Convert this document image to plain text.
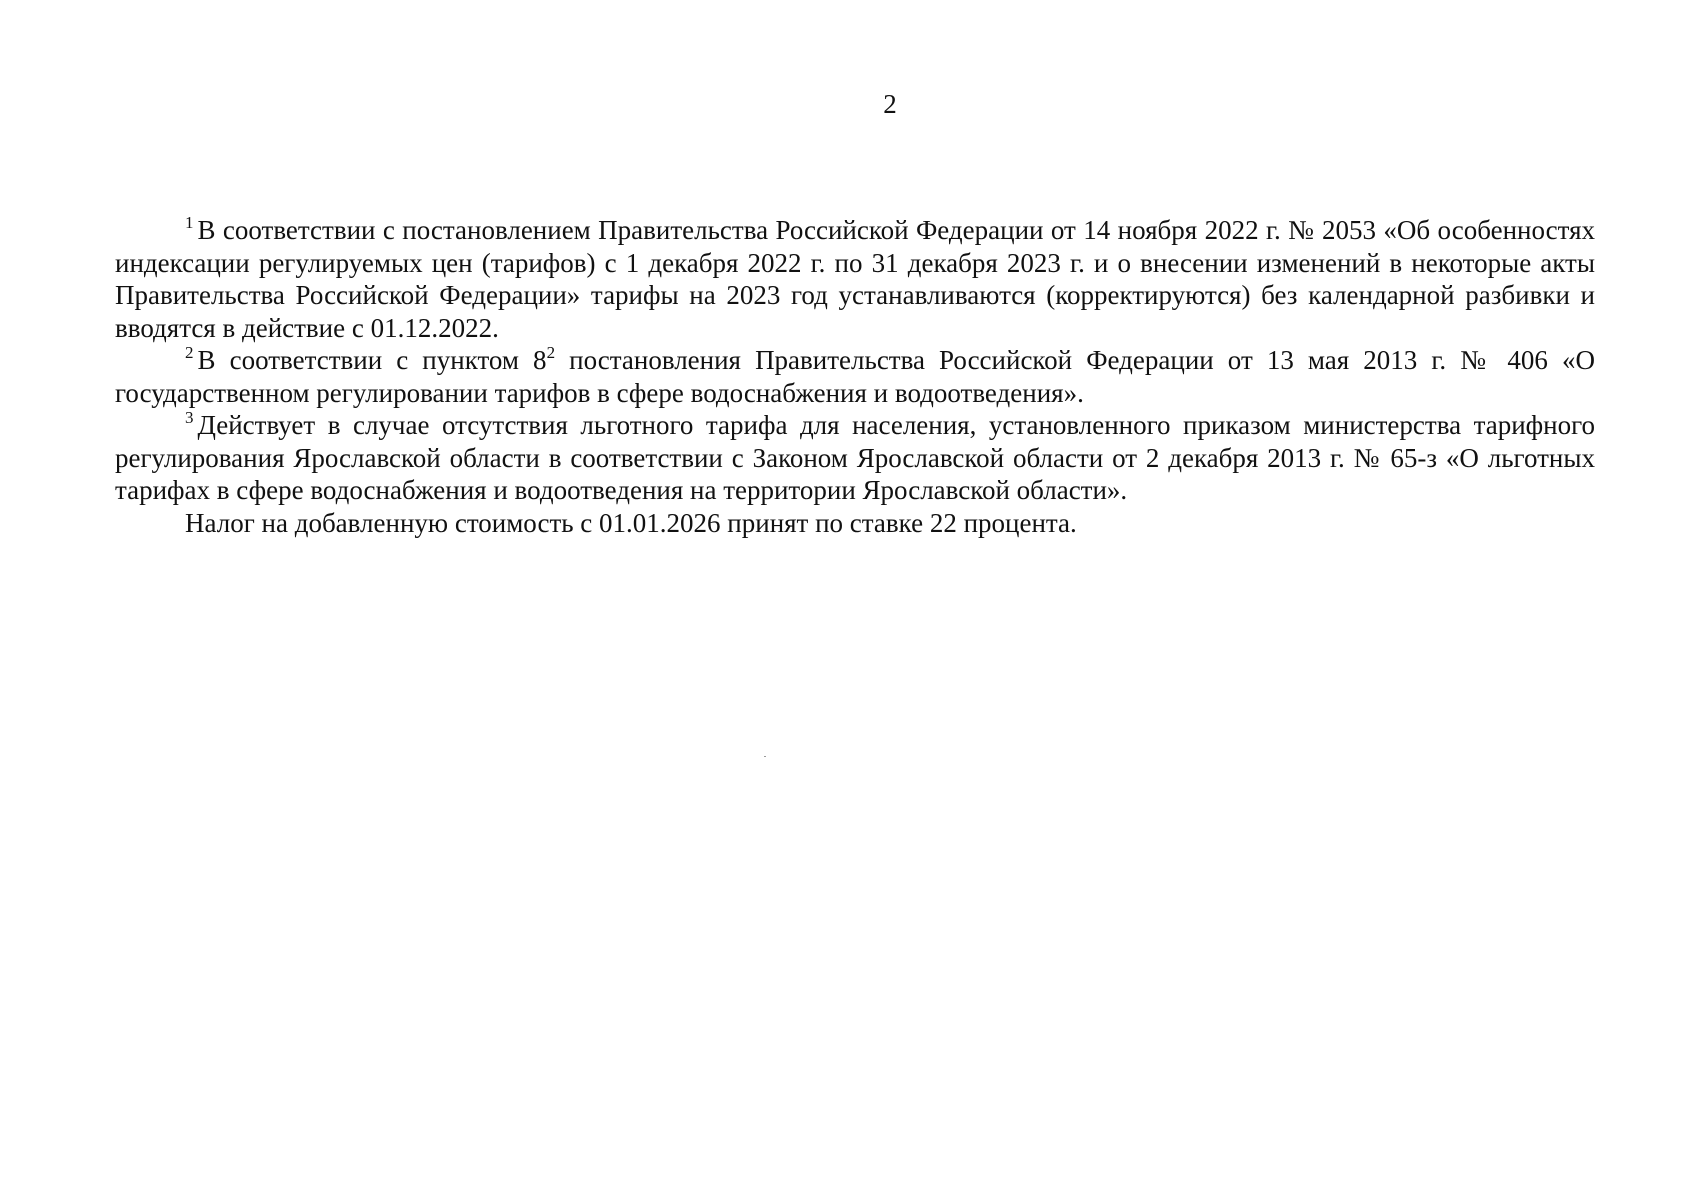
2

$^1$ В соответствии с постановлением Правительства Российской Федерации от 14 ноября 2022 г. № 2053 «Об особенностях индексации регулируемых цен (тарифов) с 1 декабря 2022 г. по 31 декабря 2023 г. и о внесении изменений в некоторые акты Правительства Российской Федерации» тарифы на 2023 год устанавливаются (корректируются) без календарной разбивки и вводятся в действие с 01.12.2022.

$^2$ В соответствии с пунктом $8^2$ постановления Правительства Российской Федерации от 13 мая 2013 г. № 406 «О государственном регулировании тарифов в сфере водоснабжения и водоотведения».

$^3$ Действует в случае отсутствия льготного тарифа для населения, установленного приказом министерства тарифного регулирования Ярославской области в соответствии с Законом Ярославской области от 2 декабря 2013 г. № 65-з «О льготных тарифах в сфере водоснабжения и водоотведения на территории Ярославской области».

Налог на добавленную стоимость с 01.01.2026 принят по ставке 22 процента.
